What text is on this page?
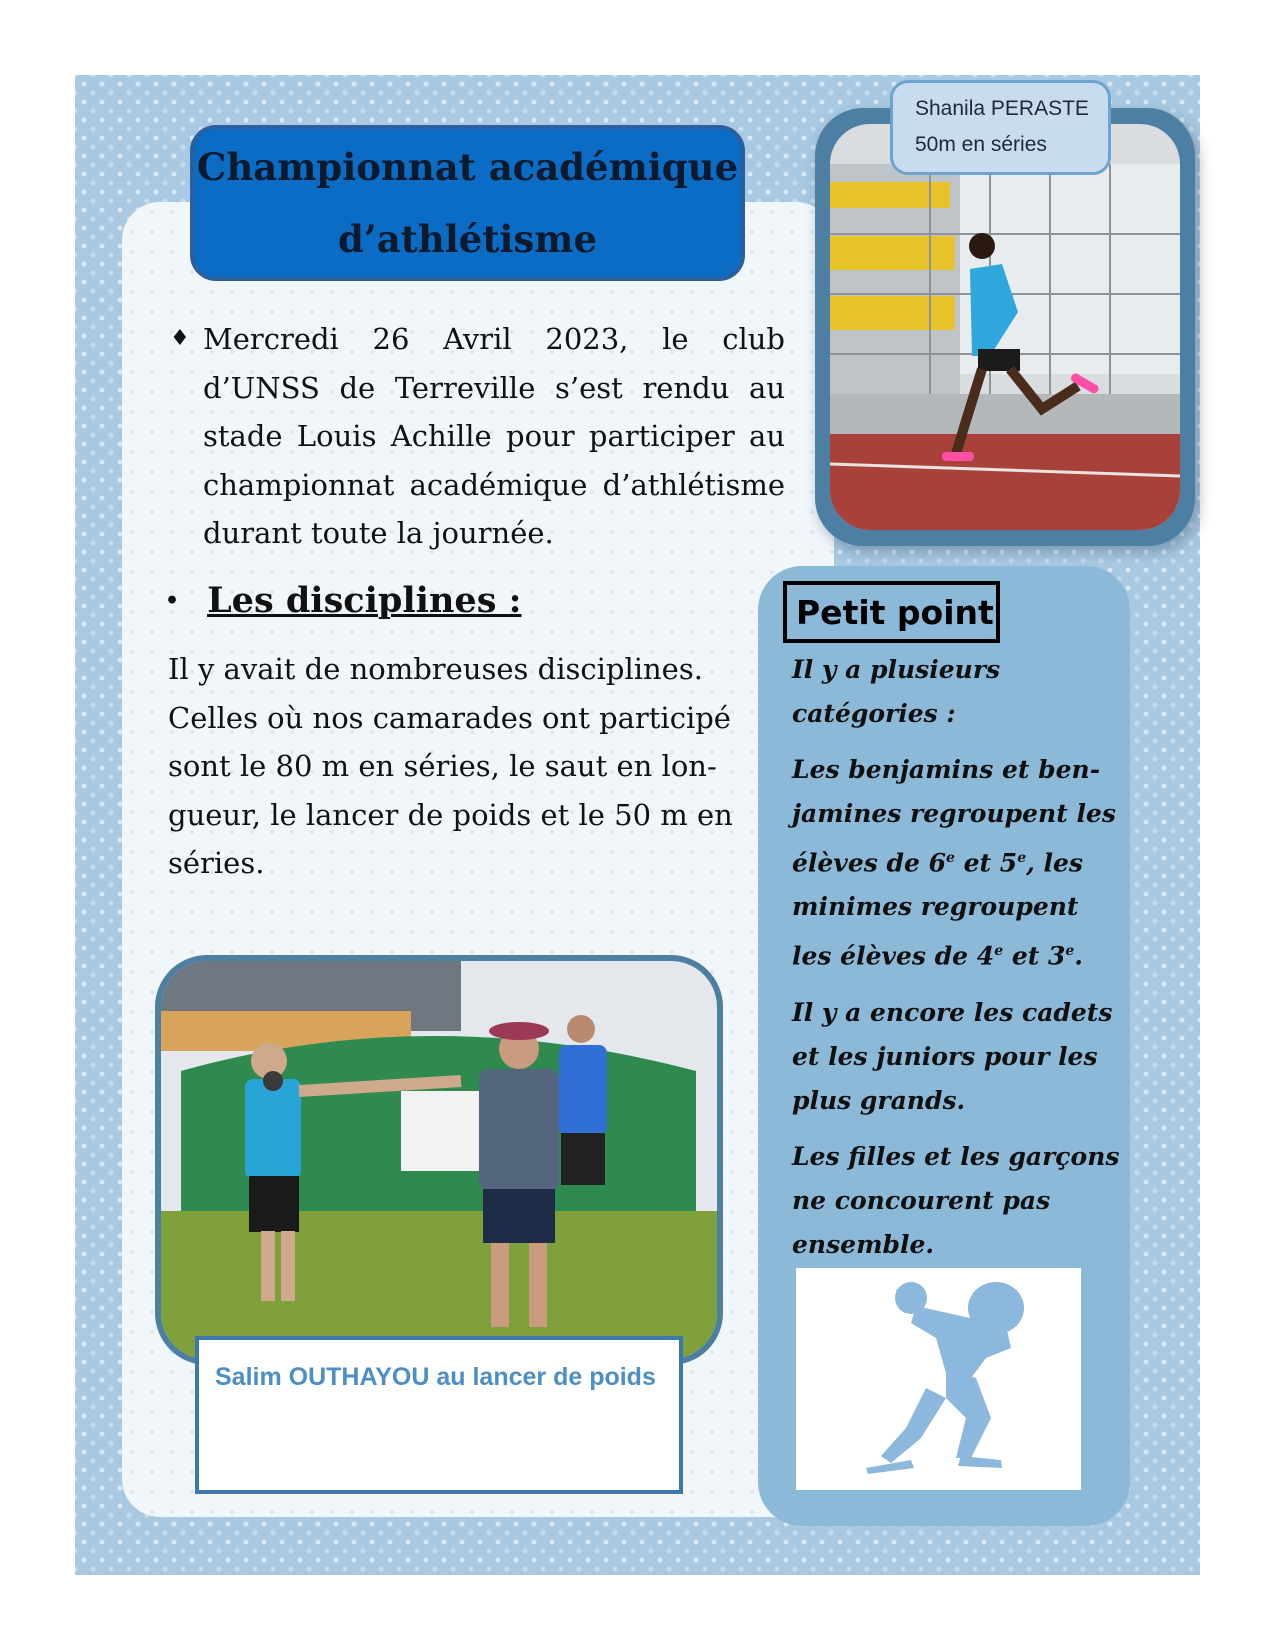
Championnat académique
d’athlétisme
♦ Mercredi 26 Avril 2023, le club d’UNSS de Terreville s’est rendu au stade Louis Achille pour participer au championnat académique d’athlétisme durant toute la journée.
• Les disciplines :
Il y avait de nombreuses disciplines. Celles où nos camarades ont participé sont le 80 m en séries, le saut en lon-gueur, le lancer de poids et le 50 m en séries.
Shanila PERASTE
50m en séries
Salim OUTHAYOU au lancer de poids
Petit point

Il y a plusieurs catégories :

Les benjamins et ben-jamines regroupent les élèves de 6e et 5e, les minimes regroupent les élèves de 4e et 3e.

Il y a encore les cadets et les juniors pour les plus grands.

Les filles et les garçons ne concourent pas ensemble.
